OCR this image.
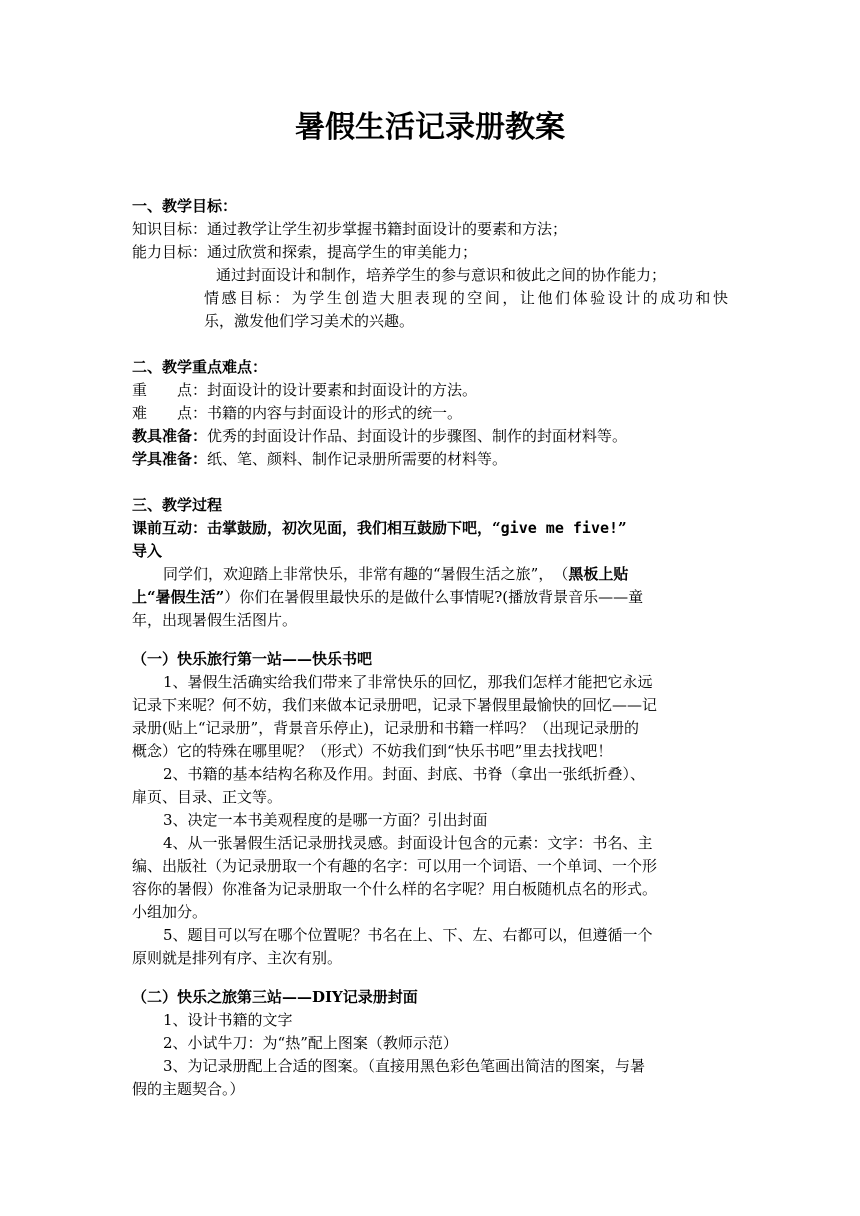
暑假生活记录册教案
一、教学目标：
知识目标：通过教学让学生初步掌握书籍封面设计的要素和方法；
能力目标：通过欣赏和探索，提高学生的审美能力；
通过封面设计和制作，培养学生的参与意识和彼此之间的协作能力；
情感目标：为学生创造大胆表现的空间，让他们体验设计的成功和快
乐，激发他们学习美术的兴趣。
二、教学重点难点：
重　　点：封面设计的设计要素和封面设计的方法。
难　　点：书籍的内容与封面设计的形式的统一。
教具准备：优秀的封面设计作品、封面设计的步骤图、制作的封面材料等。
学具准备：纸、笔、颜料、制作记录册所需要的材料等。
三、教学过程
课前互动：击掌鼓励，初次见面，我们相互鼓励下吧，“give me five!”
导入
同学们，欢迎踏上非常快乐，非常有趣的“暑假生活之旅”，　（黑板上贴
上“暑假生活”）你们在暑假里最快乐的是做什么事情呢?(播放背景音乐——童
年，出现暑假生活图片。
（一）快乐旅行第一站——快乐书吧
1、暑假生活确实给我们带来了非常快乐的回忆，那我们怎样才能把它永远
记录下来呢？何不妨，我们来做本记录册吧，记录下暑假里最愉快的回忆——记
录册(贴上“记录册”，背景音乐停止)，记录册和书籍一样吗？（出现记录册的
概念）它的特殊在哪里呢？（形式）不妨我们到“快乐书吧”里去找找吧！
2、书籍的基本结构名称及作用。封面、封底、书脊（拿出一张纸折叠）、
扉页、目录、正文等。
3、决定一本书美观程度的是哪一方面？引出封面
4、从一张暑假生活记录册找灵感。封面设计包含的元素：文字：书名、主
编、出版社（为记录册取一个有趣的名字：可以用一个词语、一个单词、一个形
容你的暑假）你准备为记录册取一个什么样的名字呢？用白板随机点名的形式。
小组加分。
5、题目可以写在哪个位置呢？书名在上、下、左、右都可以，但遵循一个
原则就是排列有序、主次有别。
（二）快乐之旅第三站——DIY记录册封面
1、设计书籍的文字
2、小试牛刀：为“热”配上图案（教师示范）
3、为记录册配上合适的图案。（直接用黑色彩色笔画出简洁的图案，与暑
假的主题契合。）
